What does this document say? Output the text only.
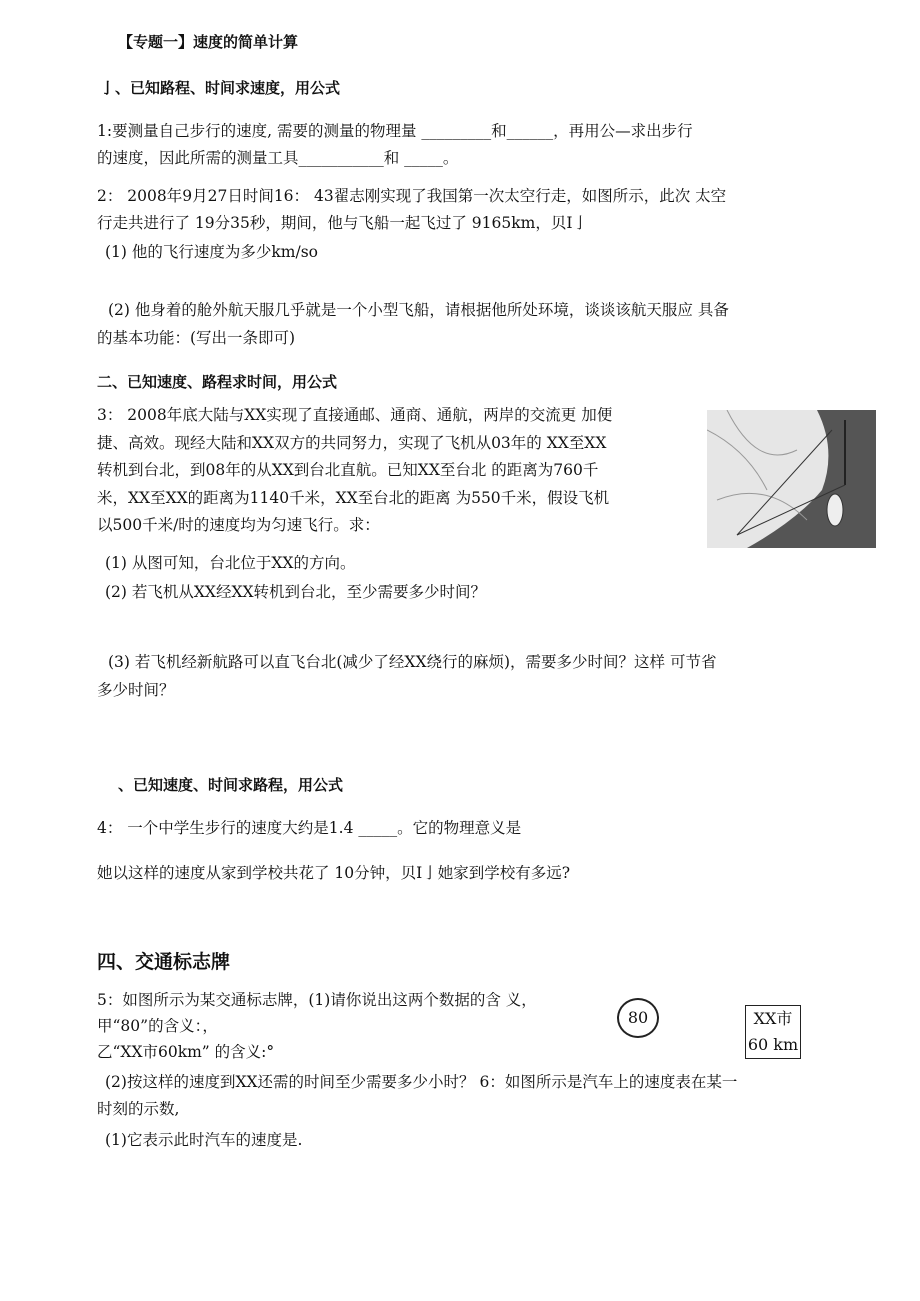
【专题一】速度的简单计算
亅、已知路程、时间求速度，用公式
1:要测量自己步行的速度, 需要的测量的物理量 _________和______，再用公—求出步行
的速度，因此所需的测量工具___________和 _____。
2： 2008年9月27日时间16： 43翟志刚实现了我国第一次太空行走，如图所示，此次 太空
行走共进行了 19分35秒，期间，他与飞船一起飞过了 9165km，贝I亅
(1) 他的飞行速度为多少km/so
(2) 他身着的舱外航天服几乎就是一个小型飞船，请根据他所处环境，谈谈该航天服应 具备
的基本功能：(写出一条即可)
二、已知速度、路程求时间，用公式
3： 2008年底大陆与XX实现了直接通邮、通商、通航，两岸的交流更 加便
捷、高效。现经大陆和XX双方的共同努力，实现了飞机从03年的 XX至XX
转机到台北，到08年的从XX到台北直航。已知XX至台北 的距离为760千
米，XX至XX的距离为1140千米，XX至台北的距离 为550千米，假设飞机
以500千米/时的速度均为匀速飞行。求：
(1) 从图可知，台北位于XX的方向。
(2) 若飞机从XX经XX转机到台北，至少需要多少时间？
(3) 若飞机经新航路可以直飞台北(减少了经XX绕行的麻烦)，需要多少时间？这样 可节省
多少时间？
、已知速度、时间求路程，用公式
4： 一个中学生步行的速度大约是1.4 _____。它的物理意义是
她以这样的速度从家到学校共花了 10分钟，贝I亅她家到学校有多远?
四、交通标志牌
5：如图所示为某交通标志牌，(1)请你说出这两个数据的含 义，
甲“80”的含义：，
乙“XX市60km” 的含义:°
(2)按这样的速度到XX还需的时间至少需要多少小时？ 6：如图所示是汽车上的速度表在某一
时刻的示数,
(1)它表示此时汽车的速度是.
80	XX市
60 km
